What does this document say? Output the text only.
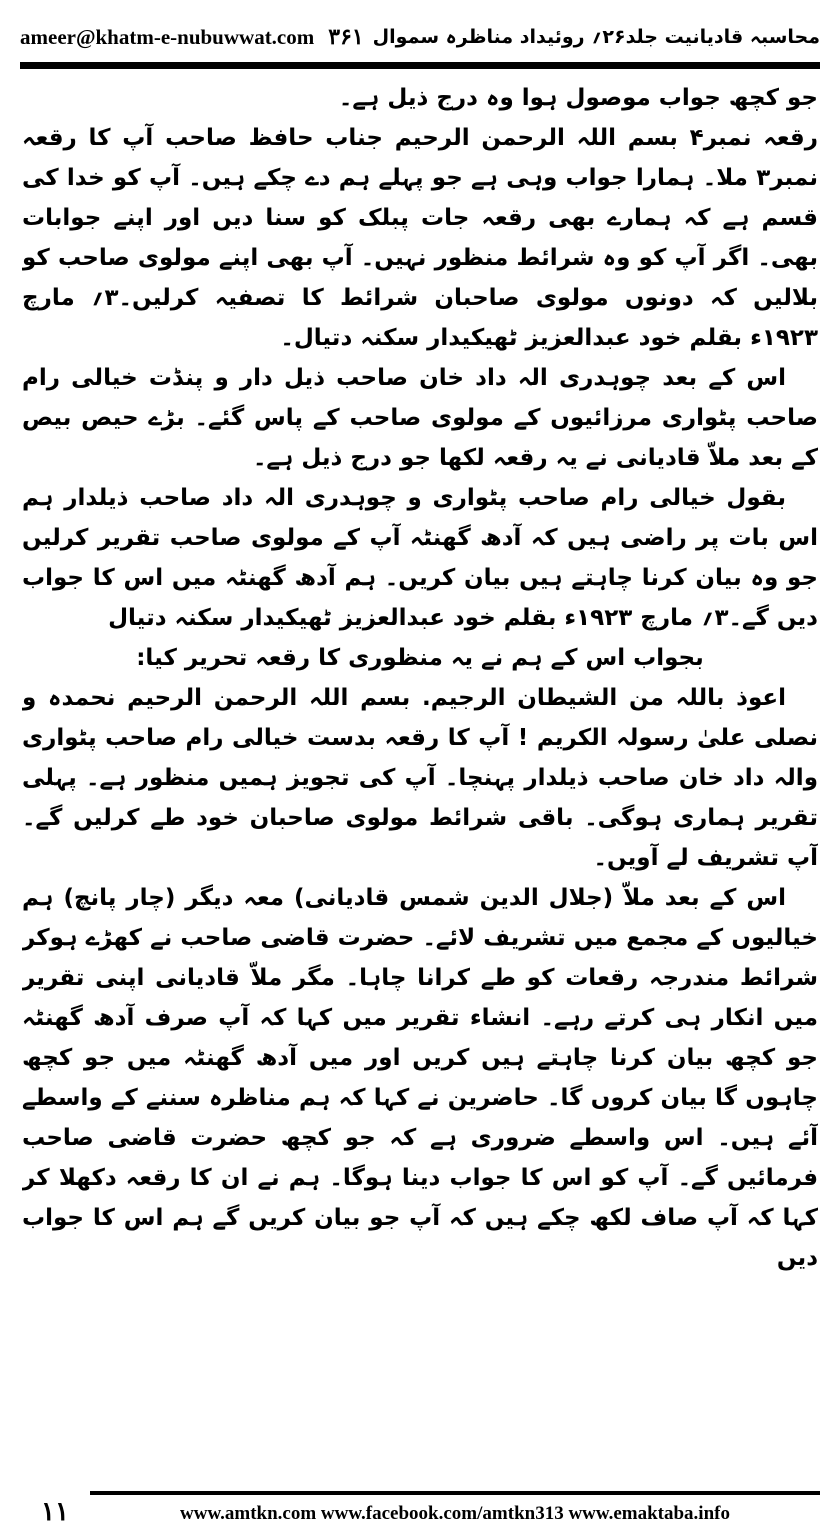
ameer@khatm-e-nubuwwat.com ۳۶۱ محاسبہ قادیانیت جلد۲۶؍ روئیداد مناظرہ سموال

جو کچھ جواب موصول ہوا وہ درج ذیل ہے۔

رقعہ نمبر۴ بسم اللہ الرحمن الرحیم جناب حافظ صاحب آپ کا رقعہ نمبر۳ ملا۔ ہمارا جواب وہی ہے جو پہلے ہم دے چکے ہیں۔ آپ کو خدا کی قسم ہے کہ ہمارے بھی رقعہ جات پبلک کو سنا دیں اور اپنے جوابات بھی۔ اگر آپ کو وہ شرائط منظور نہیں۔ آپ بھی اپنے مولوی صاحب کو بلالیں کہ دونوں مولوی صاحبان شرائط کا تصفیہ کرلیں۔۳؍ مارچ ۱۹۲۳ء بقلم خود عبدالعزیز ٹھیکیدار سکنہ دتیال۔

اس کے بعد چوہدری الہ داد خان صاحب ذیل دار و پنڈت خیالی رام صاحب پٹواری مرزائیوں کے مولوی صاحب کے پاس گئے۔ بڑے حیص بیص کے بعد ملاّ قادیانی نے یہ رقعہ لکھا جو درج ذیل ہے۔

بقول خیالی رام صاحب پٹواری و چوہدری الہ داد صاحب ذیلدار ہم اس بات پر راضی ہیں کہ آدھ گھنٹہ آپ کے مولوی صاحب تقریر کرلیں جو وہ بیان کرنا چاہتے ہیں بیان کریں۔ ہم آدھ گھنٹہ میں اس کا جواب دیں گے۔۳؍ مارچ ۱۹۲۳ء بقلم خود عبدالعزیز ٹھیکیدار سکنہ دتیال

بجواب اس کے ہم نے یہ منظوری کا رقعہ تحریر کیا:

اعوذ باللہ من الشیطان الرجیم. بسم اللہ الرحمن الرحیم نحمدہ و نصلی علیٰ رسولہ الکریم ! آپ کا رقعہ بدست خیالی رام صاحب پٹواری والہ داد خان صاحب ذیلدار پہنچا۔ آپ کی تجویز ہمیں منظور ہے۔ پہلی تقریر ہماری ہوگی۔ باقی شرائط مولوی صاحبان خود طے کرلیں گے۔ آپ تشریف لے آویں۔

اس کے بعد ملاّ (جلال الدین شمس قادیانی) معہ دیگر (چار پانچ) ہم خیالیوں کے مجمع میں تشریف لائے۔ حضرت قاضی صاحب نے کھڑے ہوکر شرائط مندرجہ رقعات کو طے کرانا چاہا۔ مگر ملاّ قادیانی اپنی تقریر میں انکار ہی کرتے رہے۔ انشاء تقریر میں کہا کہ آپ صرف آدھ گھنٹہ جو کچھ بیان کرنا چاہتے ہیں کریں اور میں آدھ گھنٹہ میں جو کچھ چاہوں گا بیان کروں گا۔ حاضرین نے کہا کہ ہم مناظرہ سننے کے واسطے آئے ہیں۔ اس واسطے ضروری ہے کہ جو کچھ حضرت قاضی صاحب فرمائیں گے۔ آپ کو اس کا جواب دینا ہوگا۔ ہم نے ان کا رقعہ دکھلا کر کہا کہ آپ صاف لکھ چکے ہیں کہ آپ جو بیان کریں گے ہم اس کا جواب دیں

۱۱	www.amtkn.com www.facebook.com/amtkn313 www.emaktaba.info
